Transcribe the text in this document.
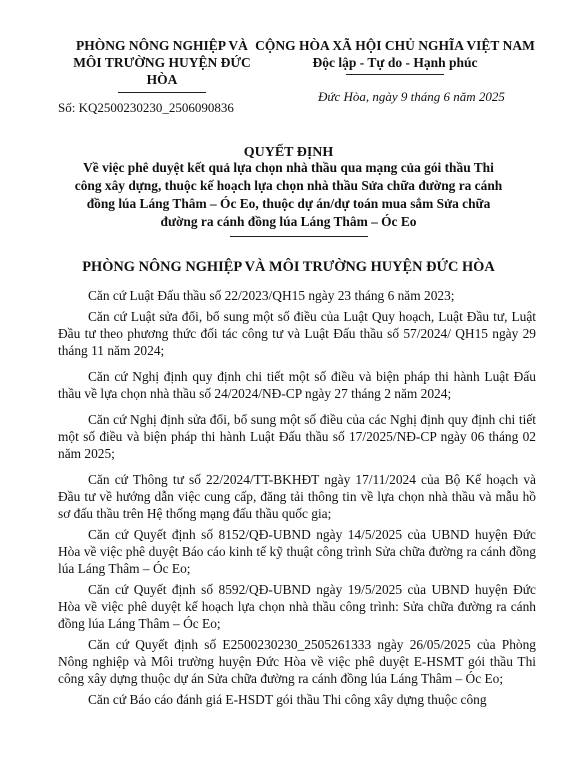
PHÒNG NÔNG NGHIỆP VÀ
MÔI TRƯỜNG HUYỆN ĐỨC
HÒA
Số: KQ2500230230_2506090836
CỘNG HÒA XÃ HỘI CHỦ NGHĨA VIỆT NAM
Độc lập - Tự do - Hạnh phúc
Đức Hòa, ngày 9 tháng 6 năm 2025
QUYẾT ĐỊNH
Về việc phê duyệt kết quả lựa chọn nhà thầu qua mạng của gói thầu Thi
công xây dựng, thuộc kế hoạch lựa chọn nhà thầu Sửa chữa đường ra cánh
đồng lúa Láng Thâm – Óc Eo, thuộc dự án/dự toán mua sắm Sửa chữa
đường ra cánh đồng lúa Láng Thâm – Óc Eo
PHÒNG NÔNG NGHIỆP VÀ MÔI TRƯỜNG HUYỆN ĐỨC HÒA

Căn cứ Luật Đấu thầu số 22/2023/QH15 ngày 23 tháng 6 năm 2023;

Căn cứ Luật sửa đổi, bổ sung một số điều của Luật Quy hoạch, Luật Đầu tư, Luật Đầu tư theo phương thức đối tác công tư và Luật Đấu thầu số 57/2024/ QH15 ngày 29 tháng 11 năm 2024;

Căn cứ Nghị định quy định chi tiết một số điều và biện pháp thi hành Luật Đấu thầu về lựa chọn nhà thầu số 24/2024/NĐ-CP ngày 27 tháng 2 năm 2024;

Căn cứ Nghị định sửa đổi, bổ sung một số điều của các Nghị định quy định chi tiết một số điều và biện pháp thi hành Luật Đấu thầu số 17/2025/NĐ-CP ngày 06 tháng 02 năm 2025;

Căn cứ Thông tư số 22/2024/TT-BKHĐT ngày 17/11/2024 của Bộ Kế hoạch và Đầu tư về hướng dẫn việc cung cấp, đăng tải thông tin về lựa chọn nhà thầu và mẫu hồ sơ đấu thầu trên Hệ thống mạng đấu thầu quốc gia;

Căn cứ Quyết định số 8152/QĐ-UBND ngày 14/5/2025 của UBND huyện Đức Hòa về việc phê duyệt Báo cáo kinh tế kỹ thuật công trình Sửa chữa đường ra cánh đồng lúa Láng Thâm – Óc Eo;

Căn cứ Quyết định số 8592/QĐ-UBND ngày 19/5/2025 của UBND huyện Đức Hòa về việc phê duyệt kế hoạch lựa chọn nhà thầu công trình: Sửa chữa đường ra cánh đồng lúa Láng Thâm – Óc Eo;

Căn cứ Quyết định số E2500230230_2505261333 ngày 26/05/2025 của Phòng Nông nghiệp và Môi trường huyện Đức Hòa về việc phê duyệt E-HSMT gói thầu Thi công xây dựng thuộc dự án Sửa chữa đường ra cánh đồng lúa Láng Thâm – Óc Eo;

Căn cứ Báo cáo đánh giá E-HSDT gói thầu Thi công xây dựng thuộc công
